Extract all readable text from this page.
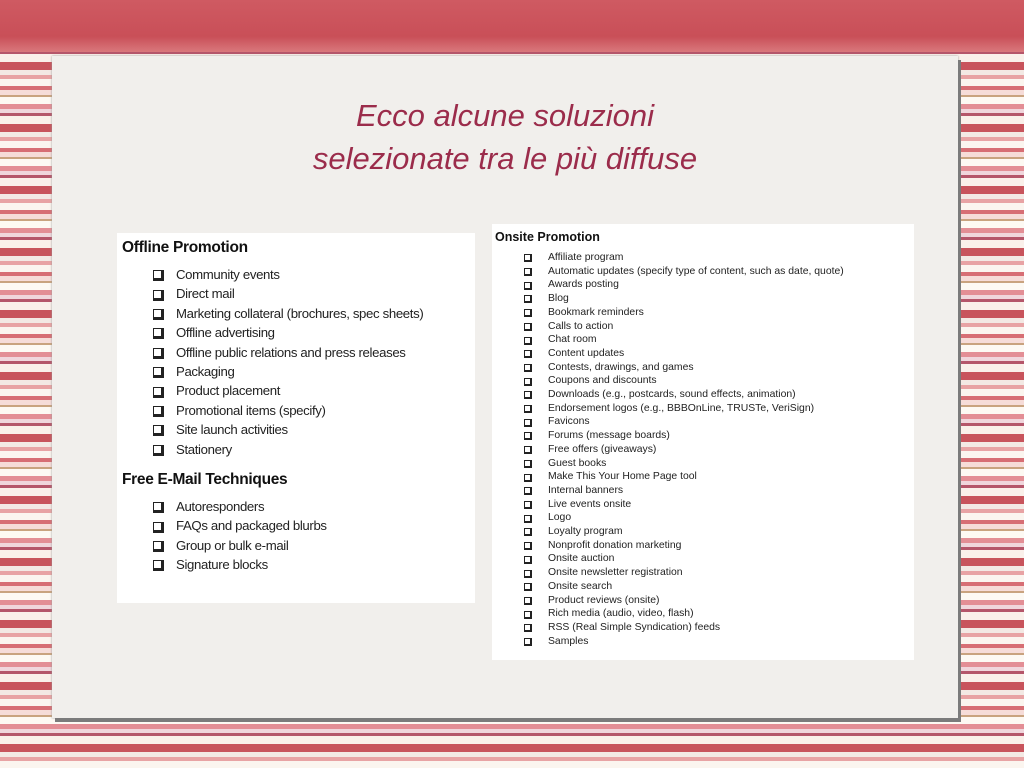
Ecco alcune soluzioni
selezionate tra le più diffuse
Offline Promotion
Community events
Direct mail
Marketing collateral (brochures, spec sheets)
Offline advertising
Offline public relations and press releases
Packaging
Product placement
Promotional items (specify)
Site launch activities
Stationery
Free E-Mail Techniques
Autoresponders
FAQs and packaged blurbs
Group or bulk e-mail
Signature blocks
Onsite Promotion
Affiliate program
Automatic updates (specify type of content, such as date, quote)
Awards posting
Blog
Bookmark reminders
Calls to action
Chat room
Content updates
Contests, drawings, and games
Coupons and discounts
Downloads (e.g., postcards, sound effects, animation)
Endorsement logos (e.g., BBBOnLine, TRUSTe, VeriSign)
Favicons
Forums (message boards)
Free offers (giveaways)
Guest books
Make This Your Home Page tool
Internal banners
Live events onsite
Logo
Loyalty program
Nonprofit donation marketing
Onsite auction
Onsite newsletter registration
Onsite search
Product reviews (onsite)
Rich media (audio, video, flash)
RSS (Real Simple Syndication) feeds
Samples
